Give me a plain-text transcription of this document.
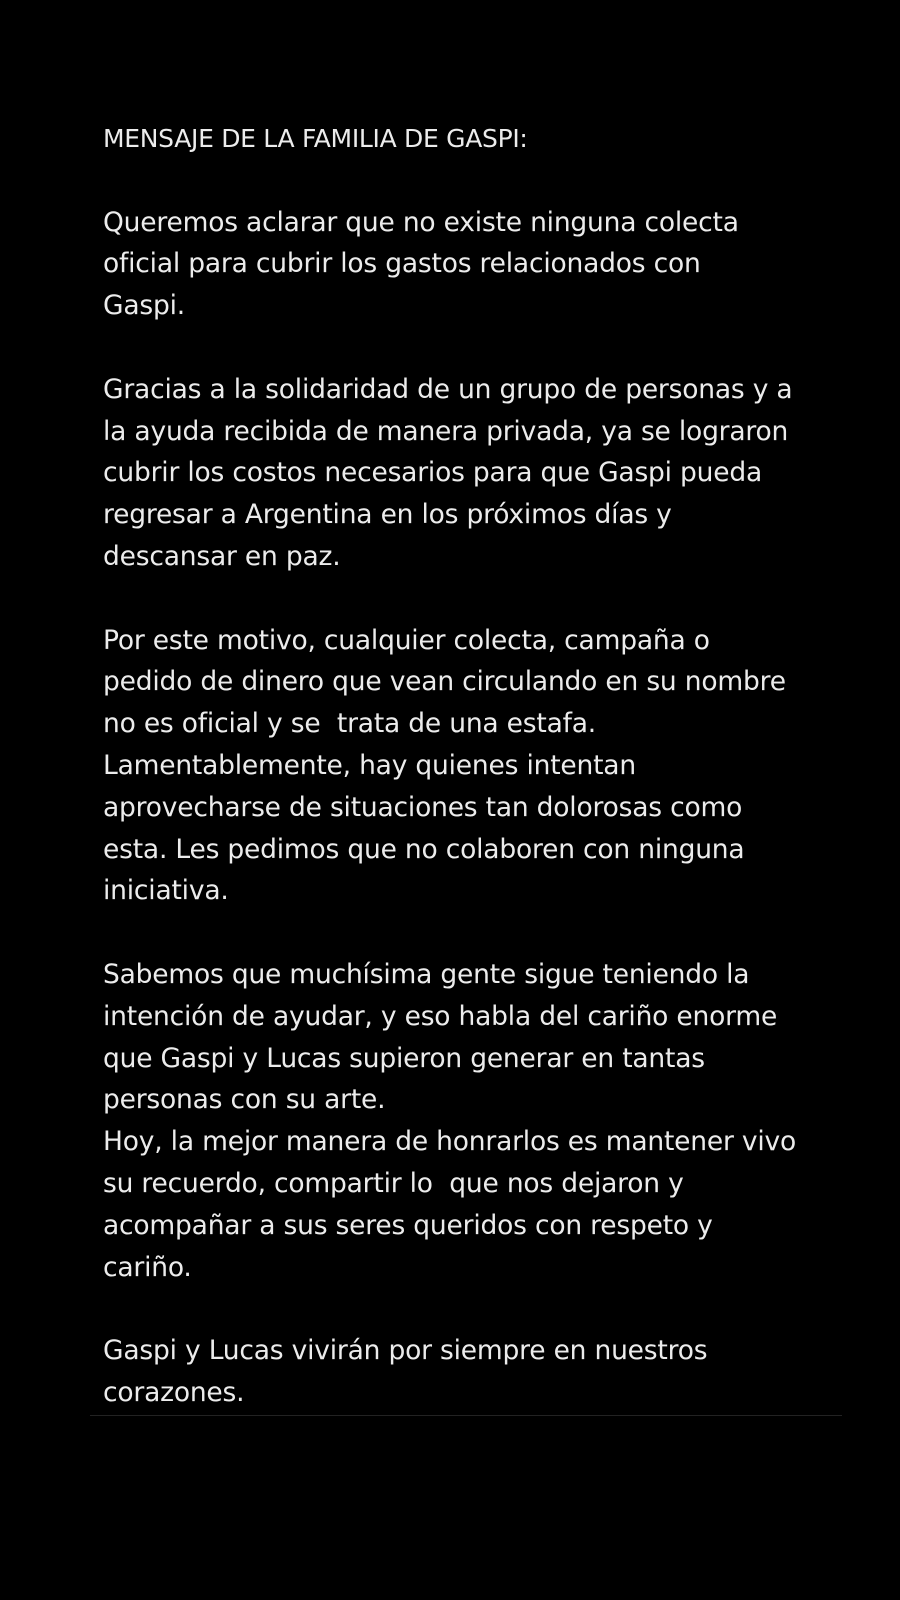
MENSAJE DE LA FAMILIA DE GASPI:
Queremos aclarar que no existe ninguna colecta
oficial para cubrir los gastos relacionados con
Gaspi.
Gracias a la solidaridad de un grupo de personas y a
la ayuda recibida de manera privada, ya se lograron
cubrir los costos necesarios para que Gaspi pueda
regresar a Argentina en los próximos días y
descansar en paz.
Por este motivo, cualquier colecta, campaña o
pedido de dinero que vean circulando en su nombre
no es oficial y se  trata de una estafa.
Lamentablemente, hay quienes intentan
aprovecharse de situaciones tan dolorosas como
esta. Les pedimos que no colaboren con ninguna
iniciativa.
Sabemos que muchísima gente sigue teniendo la
intención de ayudar, y eso habla del cariño enorme
que Gaspi y Lucas supieron generar en tantas
personas con su arte.
Hoy, la mejor manera de honrarlos es mantener vivo
su recuerdo, compartir lo  que nos dejaron y
acompañar a sus seres queridos con respeto y
cariño.
Gaspi y Lucas vivirán por siempre en nuestros
corazones.
